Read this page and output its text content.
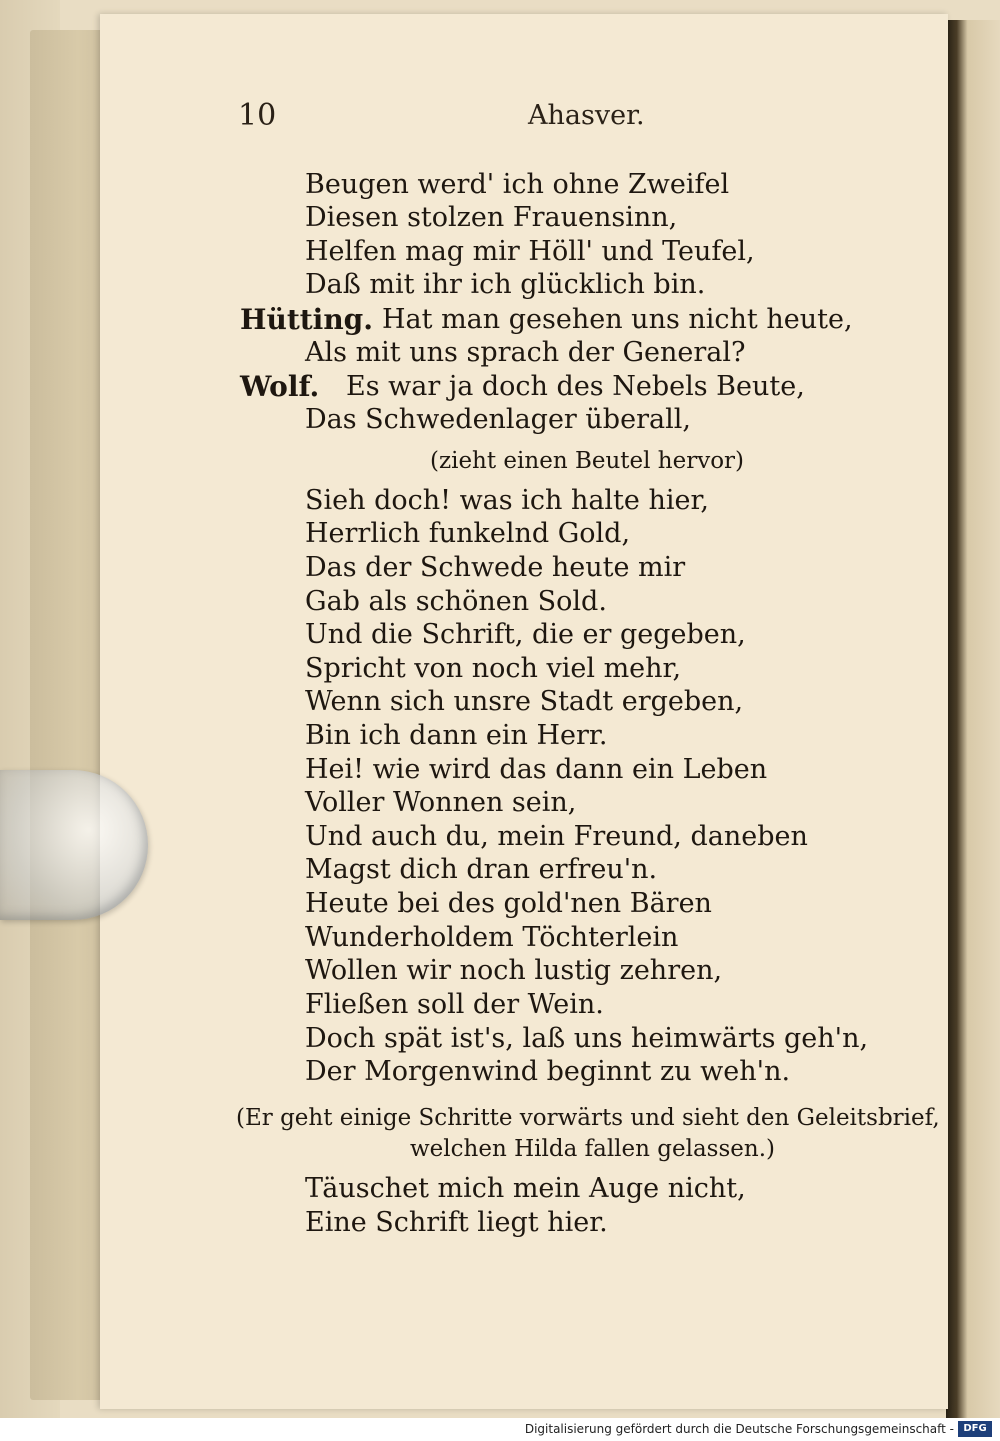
10	Ahasver.
Beugen werd' ich ohne Zweifel
Diesen stolzen Frauensinn,
Helfen mag mir Höll' und Teufel,
Daß mit ihr ich glücklich bin.
Hütting. Hat man gesehen uns nicht heute,
Als mit uns sprach der General?
Wolf. Es war ja doch des Nebels Beute,
Das Schwedenlager überall,
(zieht einen Beutel hervor)
Sieh doch! was ich halte hier,
Herrlich funkelnd Gold,
Das der Schwede heute mir
Gab als schönen Sold.
Und die Schrift, die er gegeben,
Spricht von noch viel mehr,
Wenn sich unsre Stadt ergeben,
Bin ich dann ein Herr.
Hei! wie wird das dann ein Leben
Voller Wonnen sein,
Und auch du, mein Freund, daneben
Magst dich dran erfreu'n.
Heute bei des gold'nen Bären
Wunderholdem Töchterlein
Wollen wir noch lustig zehren,
Fließen soll der Wein.
Doch spät ist's, laß uns heimwärts geh'n,
Der Morgenwind beginnt zu weh'n.
(Er geht einige Schritte vorwärts und sieht den Geleitsbrief,
welchen Hilda fallen gelassen.)
Täuschet mich mein Auge nicht,
Eine Schrift liegt hier.
Digitalisierung gefördert durch die Deutsche Forschungsgemeinschaft - DFG
